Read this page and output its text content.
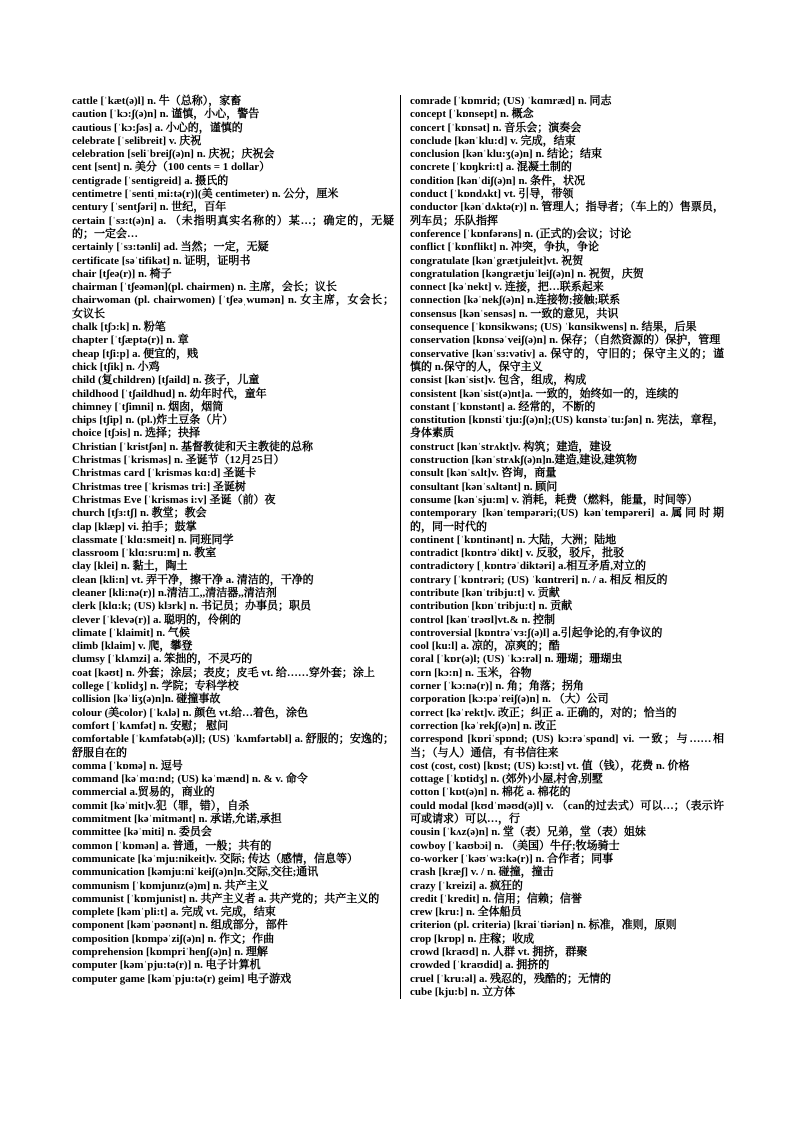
cattle [ˈkæt(ə)l] n. 牛（总称），家畜

caution [ˈkɔ:ʃ(ə)n] n. 谨慎，小心，警告

cautious [ˈkɔ:ʃəs] a. 小心的，谨慎的

celebrate [ˈselibreit] v. 庆祝

celebration [seliˈbreiʃ(ə)n] n. 庆祝；庆祝会

cent [sent] n. 美分（100 cents = 1 dollar）

centigrade [ˈsentigreid] a. 摄氏的

centimetre [ˈsentiˌmi:tə(r)](美 centimeter) n. 公分，厘米

century [ˈsentʃəri] n. 世纪，百年

certain [ˈsɜ:t(ə)n] a. （未指明真实名称的）某…；确定的，无疑的；一定会…

certainly [ˈsɜ:tənli] ad. 当然；一定，无疑

certificate [səˈtifikət] n. 证明，证明书

chair [tʃeə(r)] n. 椅子

chairman [ˈtʃeəmən](pl. chairmen) n. 主席，会长；议长

chairwoman (pl. chairwomen) [ˈtʃeəˌwumən] n. 女主席，女会长；女议长

chalk [tʃɔ:k] n. 粉笔

chapter [ˈtʃæptə(r)] n. 章

cheap [tʃi:p] a. 便宜的，贱

chick [tʃik] n. 小鸡

child (复children) [tʃaild] n. 孩子，儿童

childhood [ˈtʃaildhud] n. 幼年时代，童年

chimney [ˈtʃimni] n. 烟囱，烟筒

chips [tʃip] n. (pl.)炸土豆条（片）

choice [tʃɔis] n. 选择；抉择

Christian [ˈkristʃən] n. 基督教徒和天主教徒的总称

Christmas [ˈkrisməs] n. 圣诞节（12月25日）

Christmas card [ˈkrisməs kɑ:d] 圣诞卡

Christmas tree [ˈkrisməs tri:] 圣诞树

Christmas Eve [ˈkrisməs i:v] 圣诞（前）夜

church [tʃɜ:tʃ] n. 教堂；教会

clap [klæp] vi. 拍手；鼓掌

classmate [ˈklɑ:smeit] n. 同班同学

classroom [ˈklɑ:sru:m] n. 教室

clay [klei] n. 黏土，陶土

clean [kli:n] vt. 弄干净，擦干净 a. 清洁的，干净的

cleaner [kli:nə(r)] n.清洁工,,清洁器,,清洁剂

clerk [klɑ:k; (US) klɜrk] n. 书记员；办事员；职员

clever [ˈklevə(r)] a. 聪明的，伶俐的

climate [ˈklaimit] n. 气候

climb [klaim] v. 爬，攀登

clumsy [ˈklʌmzi] a. 笨拙的，不灵巧的

coat [kəʊt] n. 外套；涂层；表皮；皮毛 vt. 给……穿外套；涂上

college [ˈkɒlidʒ] n. 学院；专科学校

collision [kəˈliʒ(ə)n]n. 碰撞事故

colour (美color) [ˈkʌlə] n. 颜色 vt.给…着色，涂色

comfort [ˈkʌmfət] n. 安慰； 慰问

comfortable [ˈkʌmfətəb(ə)l]; (US) ˈkʌmfərtəbl] a. 舒服的；安逸的；舒服自在的

comma [ˈkɒmə] n. 逗号

command [kəˈmɑ:nd; (US) kəˈmænd] n. & v. 命令

commercial a.贸易的，商业的

commit [kəˈmit]v.犯（罪，错），自杀

commitment [kəˈmitmənt] n. 承诺,允诺,承担

committee [kəˈmiti] n. 委员会

common [ˈkɒmən] a. 普通，一般；共有的

communicate [kəˈmju:nikeit]v. 交际; 传达（感情，信息等）

communication [kəmju:niˈkeiʃ(ə)n]n.交际,交往;通讯

communism [ˈkɒmjunɪz(ə)m] n. 共产主义

communist [ˈkɒmjunist] n. 共产主义者 a. 共产党的；共产主义的

complete [kəmˈpli:t] a. 完成 vt. 完成，结束

component [kəmˈpəʊnənt] n. 组成部分，部件

composition [kɒmpəˈziʃ(ə)n] n. 作文；作曲

comprehension [kɒmpriˈhenʃ(ə)n] n. 理解

computer [kəmˈpju:tə(r)] n. 电子计算机

computer game [kəmˈpju:tə(r) geim] 电子游戏

comrade [ˈkɒmrid; (US) ˈkɑmræd] n. 同志

concept [ˈkɒnsept] n. 概念

concert [ˈkɒnsət] n. 音乐会；演奏会

conclude [kənˈklu:d] v. 完成，结束

conclusion [kənˈklu:ʒ(ə)n] n. 结论；结束

concrete [ˈkɒŋkri:t] a. 混凝土制的

condition [kənˈdiʃ(ə)n] n. 条件，状况

conduct [ˈkɒndʌkt] vt. 引导，带领

conductor [kənˈdʌktə(r)] n. 管理人；指导者；（车上的）售票员，列车员；乐队指挥

conference [ˈkɒnfərəns] n. (正式的)会议；讨论

conflict [ˈkɒnflikt] n. 冲突，争执，争论

congratulate [kənˈgrætjuleit]vt. 祝贺

congratulation [kəngrætjuˈleiʃ(ə)n] n. 祝贺，庆贺

connect [kəˈnekt] v. 连接，把…联系起来

connection [kəˈnekʃ(ə)n] n.连接物;接触;联系

consensus [kənˈsensəs] n. 一致的意见，共识

consequence [ˈkɒnsikwəns; (US) ˈkɑnsikwens] n. 结果，后果

conservation [kɒnsəˈveiʃ(ə)n] n. 保存；（自然资源的）保护，管理

conservative [kənˈsɜ:vətiv] a. 保守的，守旧的；保守主义的；谨慎的 n.保守的人，保守主义

consist [kənˈsist]v. 包含，组成，构成

consistent [kənˈsist(ə)nt]a. 一致的，始终如一的，连续的

constant [ˈkɒnstənt] a. 经常的，不断的

constitution [kɒnstiˈtju:ʃ(ə)n];(US) kɑnstəˈtu:ʃən] n. 宪法，章程，身体素质

construct [kənˈstrʌkt]v. 构筑；建造，建设

construction [kənˈstrʌkʃ(ə)n]n.建造,建设,建筑物

consult [kənˈsʌlt]v. 咨询，商量

consultant [kənˈsʌltənt] n. 顾问

consume [kənˈsju:m] v. 消耗，耗费（燃料，能量，时间等）

contemporary [kənˈtempərəri;(US) kənˈtempəreri] a.属同时期的，同一时代的

continent [ˈkɒntinənt] n. 大陆，大洲；陆地

contradict [kɒntrəˈdikt] v. 反驳，驳斥，批驳

contradictory [ˌkɒntrəˈdiktəri] a.相互矛盾,对立的

contrary [ˈkɒntrəri; (US) ˈkɑntreri] n. / a. 相反 相反的

contribute [kənˈtribju:t] v. 贡献

contribution [kɒnˈtribju:t] n. 贡献

control [kənˈtrəʊl]vt.& n. 控制

controversial [kɒntrəˈvɜ:ʃ(ə)l] a.引起争论的,有争议的

cool [ku:l] a. 凉的，凉爽的；酷

coral [ˈkɒr(ə)l; (US) ˈkɔ:rəl] n. 珊瑚；珊瑚虫

corn [kɔ:n] n. 玉米，谷物

corner [ˈkɔ:nə(r)] n. 角；角落；拐角

corporation [kɔ:pəˈreiʃ(ə)n] n. （大）公司

correct [kəˈrekt]v. 改正；纠正 a. 正确的，对的；恰当的

correction [kəˈrekʃ(ə)n] n. 改正

correspond [kɒriˈspɒnd; (US) kɔ:rəˈspɑnd] vi. 一致；与……相当；（与人）通信，有书信往来

cost (cost, cost) [kɒst; (US) kɔ:st] vt. 值（钱），花费 n. 价格

cottage [ˈkɒtidʒ] n. (郊外)小屋,村舍,别墅

cotton [ˈkɒt(ə)n] n. 棉花 a. 棉花的

could modal [kʊdˈməʊd(ə)l] v. （can的过去式）可以…；（表示许可或请求）可以…，行

cousin [ˈkʌz(ə)n] n. 堂（表）兄弟，堂（表）姐妹

cowboy [ˈkaʊbɔi] n. （美国）牛仔;牧场骑士

co-worker [ˈkəʊˈwɜ:kə(r)] n. 合作者；同事

crash [kræʃ] v. / n. 碰撞，撞击

crazy [ˈkreizi] a. 疯狂的

credit [ˈkredit] n. 信用；信赖；信誉

crew [kru:] n. 全体船员

criterion (pl. criteria) [kraiˈtiəriən] n. 标准，准则，原则

crop [krɒp] n. 庄稼；收成

crowd [kraʊd] n. 人群 vt. 拥挤，群聚

crowded [ˈkraʊdid] a. 拥挤的

cruel [ˈkru:əl] a. 残忍的，残酷的；无情的

cube [kju:b] n. 立方体
